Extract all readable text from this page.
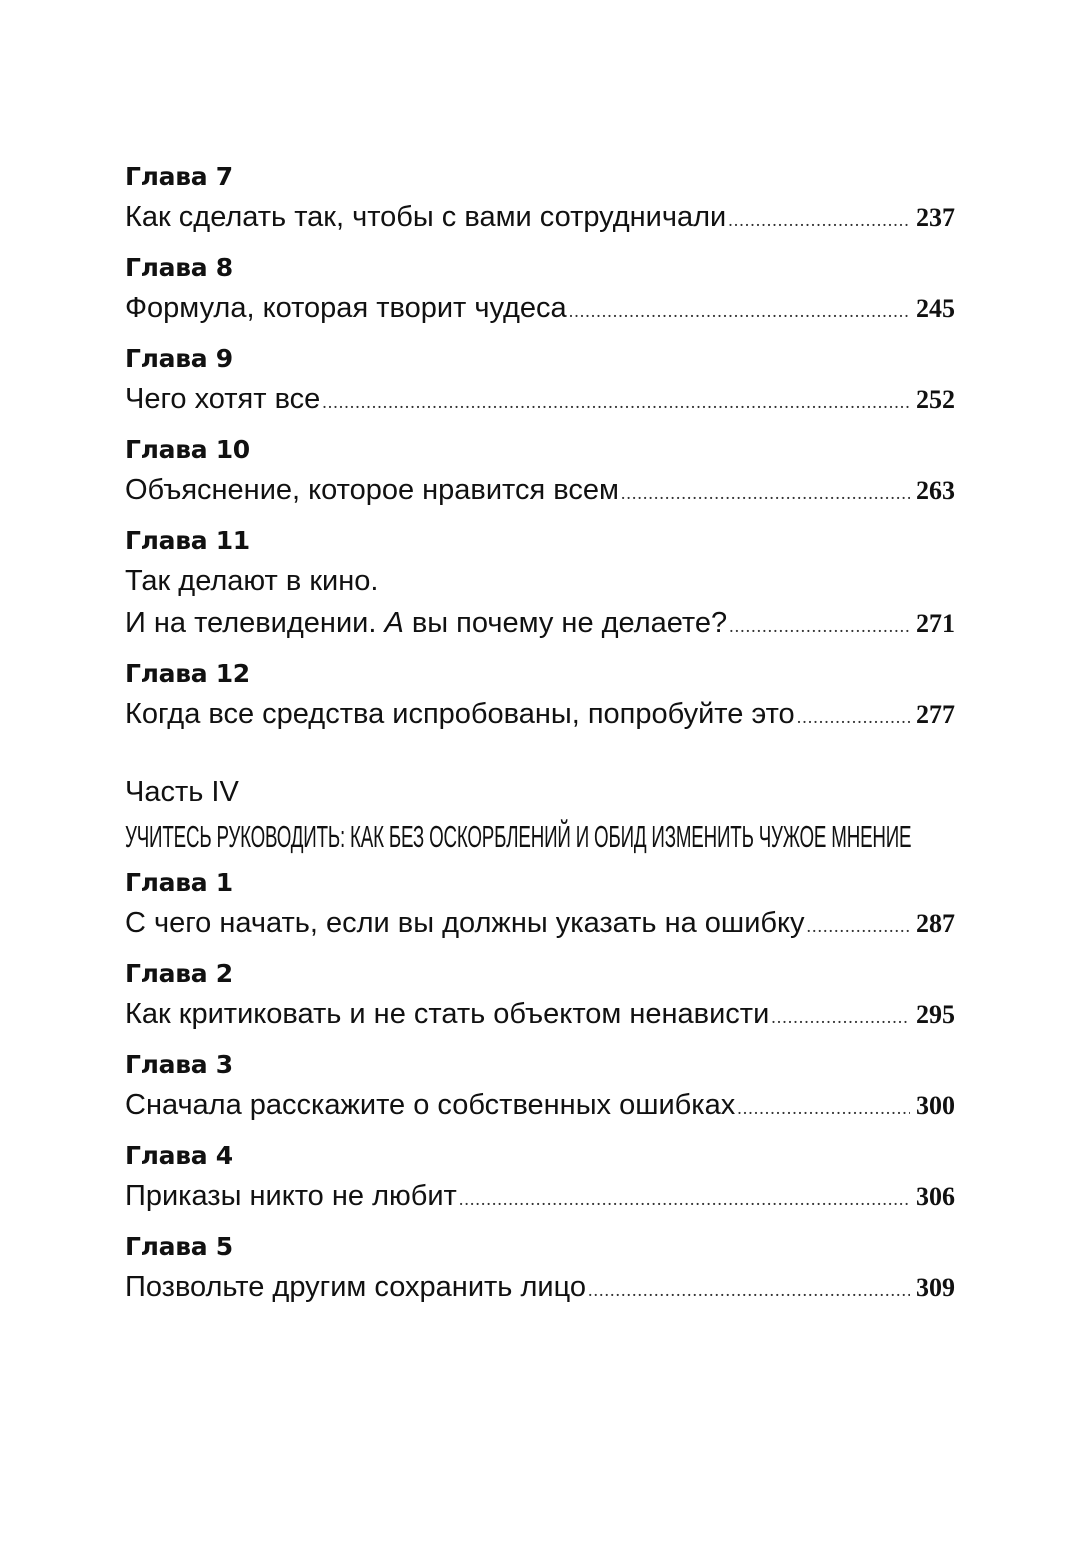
Глава 7
Как сделать так, чтобы с вами сотрудничали .....	237
Глава 8
Формула, которая творит чудеса .....	245
Глава 9
Чего хотят все .....	252
Глава 10
Объяснение, которое нравится всем .....	263
Глава 11
Так делают в кино.
И на телевидении. А вы почему не делаете? .....	271
Глава 12
Когда все средства испробованы, попробуйте это .....	277
Часть IV
УЧИТЕСЬ РУКОВОДИТЬ: КАК БЕЗ ОСКОРБЛЕНИЙ И ОБИД ИЗМЕНИТЬ ЧУЖОЕ МНЕНИЕ
Глава 1
С чего начать, если вы должны указать на ошибку .....	287
Глава 2
Как критиковать и не стать объектом ненависти .....	295
Глава 3
Сначала расскажите о собственных ошибках .....	300
Глава 4
Приказы никто не любит .....	306
Глава 5
Позвольте другим сохранить лицо .....	309
